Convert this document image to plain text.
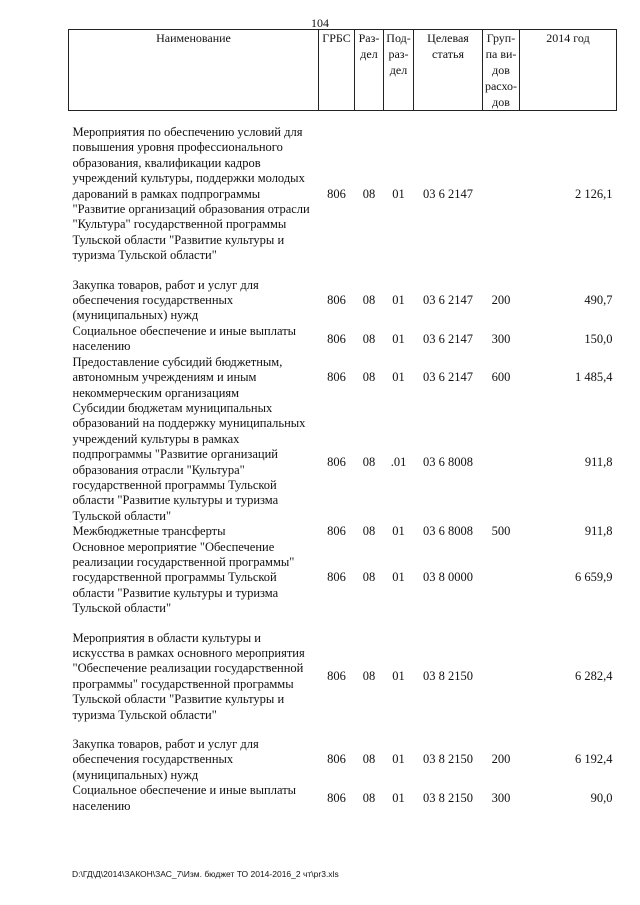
104
Наименование	ГРБС	Раз-дел	Под-раз-дел	Целевая статья	Груп-па ви-дов расхо-дов	2014 год

Мероприятия по обеспечению условий для повышения уровня профессионального образования, квалификации кадров учреждений культуры, поддержки молодых дарований в рамках подпрограммы "Развитие организаций образования отрасли "Культура" государственной программы Тульской области "Развитие культуры и туризма Тульской области"	806	08	01	03 6 2147		2 126,1

Закупка товаров, работ и услуг для обеспечения государственных (муниципальных) нужд	806	08	01	03 6 2147	200	490,7
Социальное обеспечение и иные выплаты населению	806	08	01	03 6 2147	300	150,0
Предоставление субсидий бюджетным, автономным учреждениям и иным некоммерческим организациям	806	08	01	03 6 2147	600	1 485,4
Субсидии бюджетам муниципальных образований на поддержку муниципальных учреждений культуры в рамках подпрограммы "Развитие организаций образования отрасли "Культура" государственной программы Тульской области "Развитие культуры и туризма Тульской области"	806	08	.01	03 6 8008		911,8
Межбюджетные трансферты	806	08	01	03 6 8008	500	911,8
Основное мероприятие "Обеспечение реализации государственной программы" государственной программы Тульской области "Развитие культуры и туризма Тульской области"	806	08	01	03 8 0000		6 659,9

Мероприятия в области культуры и искусства в рамках основного мероприятия "Обеспечение реализации государственной программы" государственной программы Тульской области "Развитие культуры и туризма Тульской области"	806	08	01	03 8 2150		6 282,4

Закупка товаров, работ и услуг для обеспечения государственных (муниципальных) нужд	806	08	01	03 8 2150	200	6 192,4
Социальное обеспечение и иные выплаты населению	806	08	01	03 8 2150	300	90,0
D:\ГД\Д\2014\ЗАКОН\ЗАС_7\Изм. бюджет ТО 2014-2016_2 чт\pr3.xls
